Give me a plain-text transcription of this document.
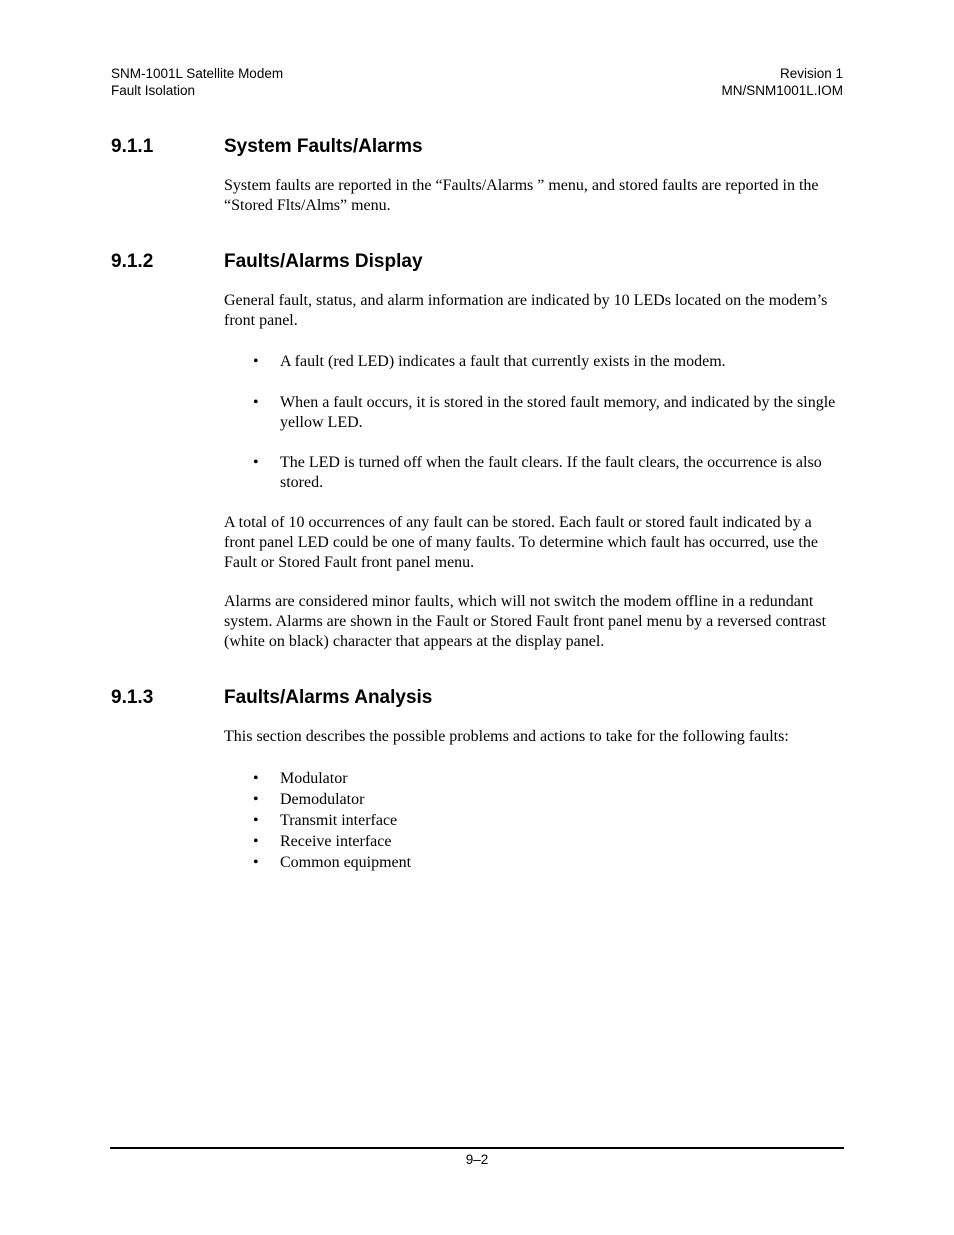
SNM-1001L Satellite Modem
Fault Isolation
Revision 1
MN/SNM1001L.IOM
9.1.1	System Faults/Alarms

System faults are reported in the “Faults/Alarms ” menu, and stored faults are reported in the “Stored Flts/Alms” menu.

9.1.2	Faults/Alarms Display

General fault, status, and alarm information are indicated by 10 LEDs located on the modem’s front panel.

• A fault (red LED) indicates a fault that currently exists in the modem.
• When a fault occurs, it is stored in the stored fault memory, and indicated by the single yellow LED.
• The LED is turned off when the fault clears. If the fault clears, the occurrence is also stored.

A total of 10 occurrences of any fault can be stored. Each fault or stored fault indicated by a front panel LED could be one of many faults. To determine which fault has occurred, use the Fault or Stored Fault front panel menu.

Alarms are considered minor faults, which will not switch the modem offline in a redundant system. Alarms are shown in the Fault or Stored Fault front panel menu by a reversed contrast (white on black) character that appears at the display panel.

9.1.3	Faults/Alarms Analysis

This section describes the possible problems and actions to take for the following faults:

• Modulator
• Demodulator
• Transmit interface
• Receive interface
• Common equipment
9–2
